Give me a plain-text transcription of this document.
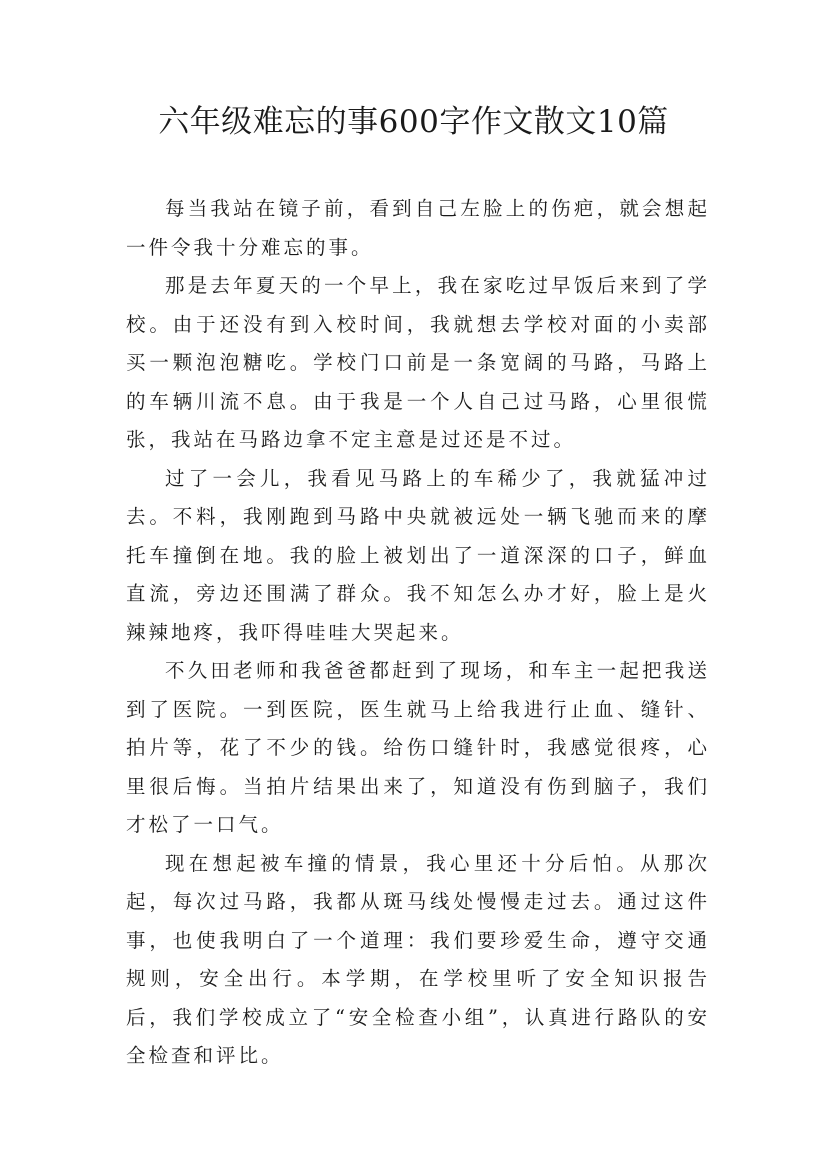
六年级难忘的事600字作文散文10篇

每当我站在镜子前，看到自己左脸上的伤疤，就会想起一件令我十分难忘的事。

那是去年夏天的一个早上，我在家吃过早饭后来到了学校。由于还没有到入校时间，我就想去学校对面的小卖部买一颗泡泡糖吃。学校门口前是一条宽阔的马路，马路上的车辆川流不息。由于我是一个人自己过马路，心里很慌张，我站在马路边拿不定主意是过还是不过。

过了一会儿，我看见马路上的车稀少了，我就猛冲过去。不料，我刚跑到马路中央就被远处一辆飞驰而来的摩托车撞倒在地。我的脸上被划出了一道深深的口子，鲜血直流，旁边还围满了群众。我不知怎么办才好，脸上是火辣辣地疼，我吓得哇哇大哭起来。

不久田老师和我爸爸都赶到了现场，和车主一起把我送到了医院。一到医院，医生就马上给我进行止血、缝针、拍片等，花了不少的钱。给伤口缝针时，我感觉很疼，心里很后悔。当拍片结果出来了，知道没有伤到脑子，我们才松了一口气。

现在想起被车撞的情景，我心里还十分后怕。从那次起，每次过马路，我都从斑马线处慢慢走过去。通过这件事，也使我明白了一个道理：我们要珍爱生命，遵守交通规则，安全出行。本学期，在学校里听了安全知识报告后，我们学校成立了“安全检查小组”，认真进行路队的安全检查和评比。
